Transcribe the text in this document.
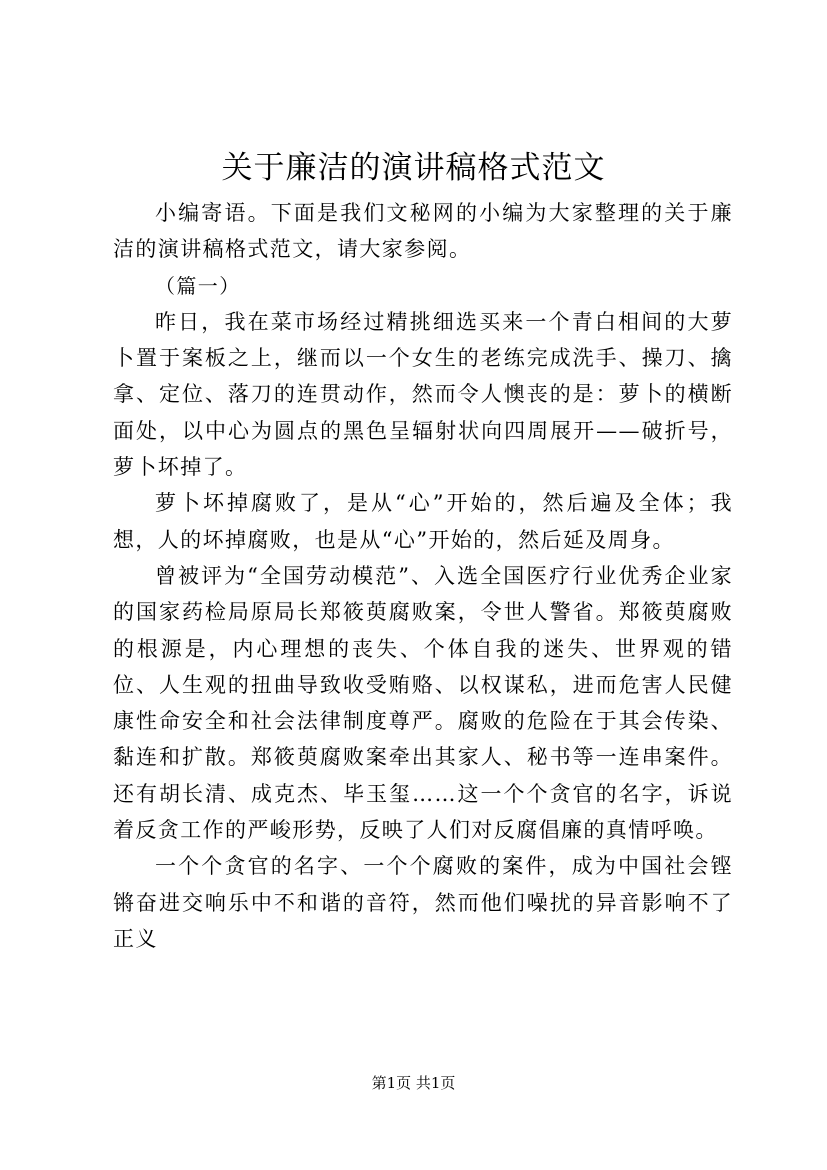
关于廉洁的演讲稿格式范文

小编寄语。下面是我们文秘网的小编为大家整理的关于廉洁的演讲稿格式范文，请大家参阅。

（篇一）

昨日，我在菜市场经过精挑细选买来一个青白相间的大萝卜置于案板之上，继而以一个女生的老练完成洗手、操刀、擒拿、定位、落刀的连贯动作，然而令人懊丧的是：萝卜的横断面处，以中心为圆点的黑色呈辐射状向四周展开——破折号，萝卜坏掉了。

萝卜坏掉腐败了，是从“心”开始的，然后遍及全体；我想，人的坏掉腐败，也是从“心”开始的，然后延及周身。

曾被评为“全国劳动模范”、入选全国医疗行业优秀企业家的国家药检局原局长郑筱萸腐败案，令世人警省。郑筱萸腐败的根源是，内心理想的丧失、个体自我的迷失、世界观的错位、人生观的扭曲导致收受贿赂、以权谋私，进而危害人民健康性命安全和社会法律制度尊严。腐败的危险在于其会传染、黏连和扩散。郑筱萸腐败案牵出其家人、秘书等一连串案件。还有胡长清、成克杰、毕玉玺……这一个个贪官的名字，诉说着反贪工作的严峻形势，反映了人们对反腐倡廉的真情呼唤。

一个个贪官的名字、一个个腐败的案件，成为中国社会铿锵奋进交响乐中不和谐的音符，然而他们噪扰的异音影响不了正义

第1页 共1页
